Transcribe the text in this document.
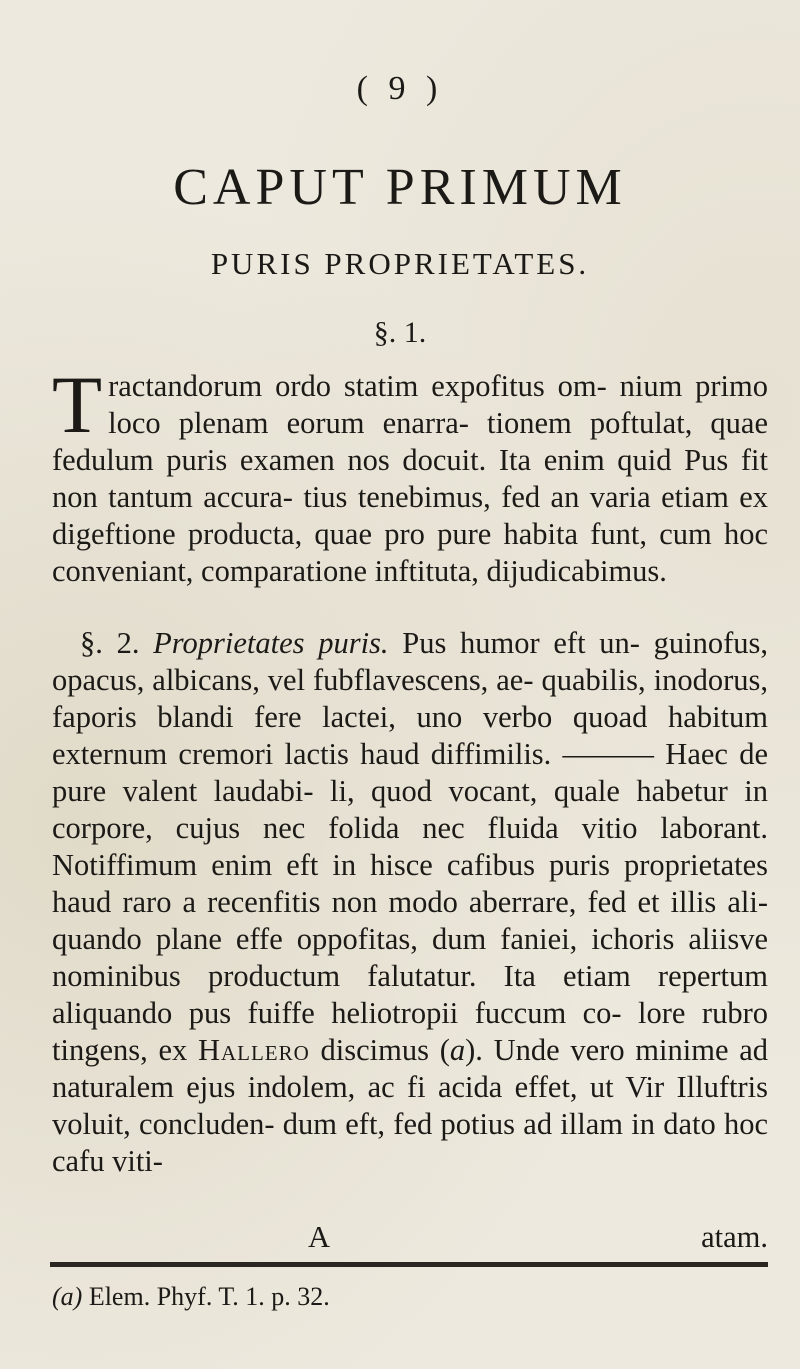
( 9 )
CAPUT PRIMUM
PURIS PROPRIETATES.
§. 1.
Tractandorum ordo statim expofitus om- nium primo loco plenam eorum enarra- tionem poftulat, quae fedulum puris examen nos docuit. Ita enim quid Pus fit non tantum accura- tius tenebimus, fed an varia etiam ex digeftione producta, quae pro pure habita funt, cum hoc conveniant, comparatione inftituta, dijudicabimus.
§. 2. Proprietates puris. Pus humor eft un- guinofus, opacus, albicans, vel fubflavescens, ae- quabilis, inodorus, faporis blandi fere lactei, uno verbo quoad habitum externum cremori lactis haud diffimilis. ——— Haec de pure valent laudabi- li, quod vocant, quale habetur in corpore, cujus nec folida nec fluida vitio laborant. Notiffimum enim eft in hisce cafibus puris proprietates haud raro a recenfitis non modo aberrare, fed et illis ali- quando plane effe oppofitas, dum faniei, ichoris aliisve nominibus productum falutatur. Ita etiam repertum aliquando pus fuiffe heliotropii fuccum co- lore rubro tingens, ex Hallero discimus (a). Unde vero minime ad naturalem ejus indolem, ac fi acida effet, ut Vir Illuftris voluit, concluden- dum eft, fed potius ad illam in dato hoc cafu viti-
A	atam.
(a) Elem. Phyf. T. 1. p. 32.
